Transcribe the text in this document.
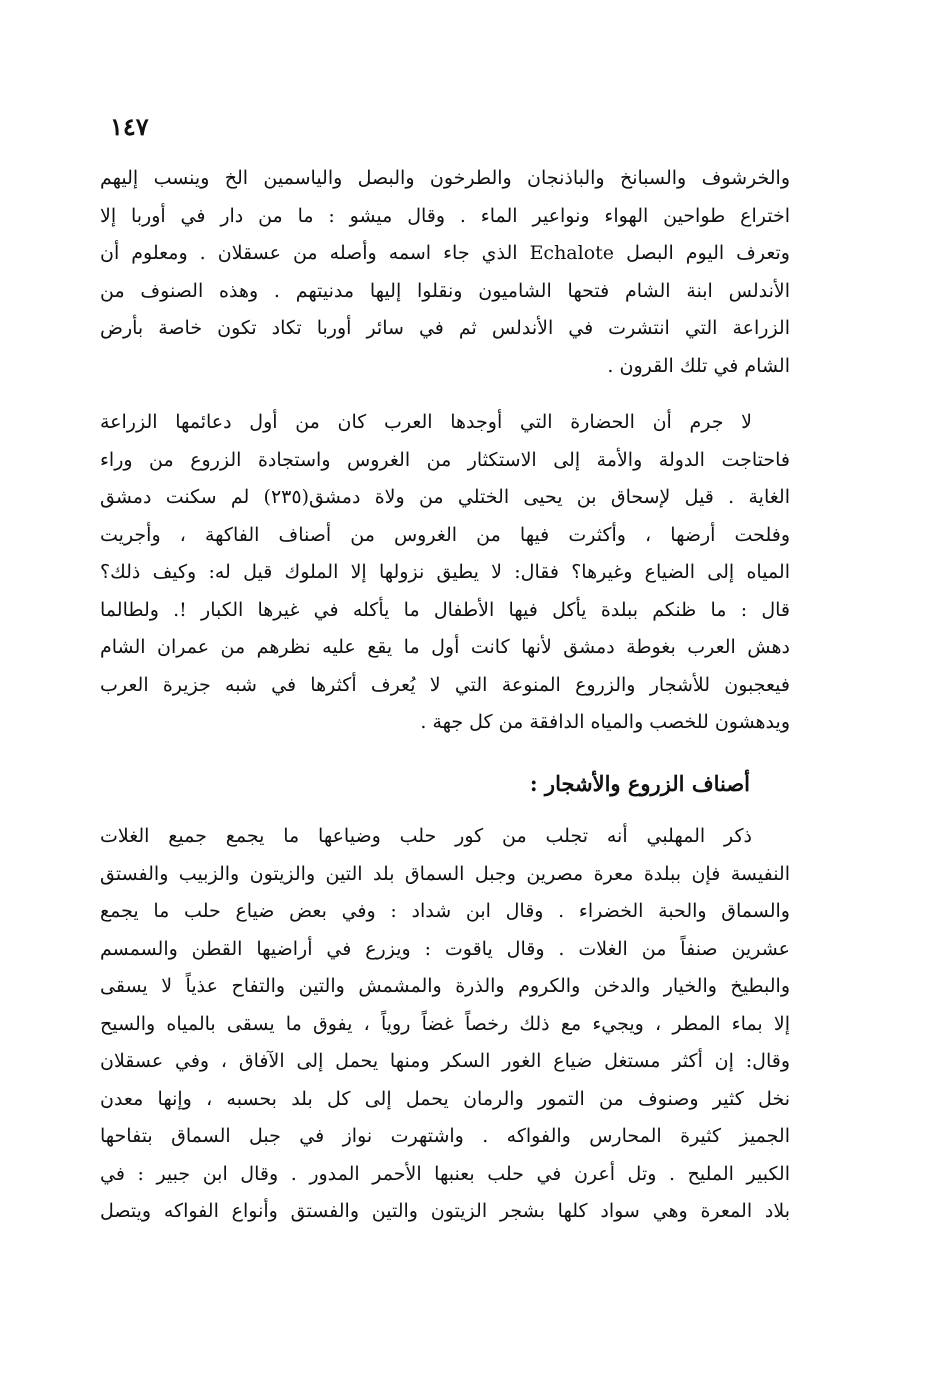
١٤٧
والخرشوف والسبانخ والباذنجان والطرخون والبصل والياسمين الخ وينسب إليهم
اختراع طواحين الهواء ونواعير الماء . وقال ميشو : ما من دار في أوربا إلا
وتعرف اليوم البصل Echalote الذي جاء اسمه وأصله من عسقلان . ومعلوم أن
الأندلس ابنة الشام فتحها الشاميون ونقلوا إليها مدنيتهم . وهذه الصنوف من
الزراعة التي انتشرت في الأندلس ثم في سائر أوربا تكاد تكون خاصة بأرض
الشام في تلك القرون .
لا جرم أن الحضارة التي أوجدها العرب كان من أول دعائمها الزراعة
فاحتاجت الدولة والأمة إلى الاستكثار من الغروس واستجادة الزروع من وراء
الغاية . قيل لإسحاق بن يحيى الختلي من ولاة دمشق(٢٣٥) لم سكنت دمشق
وفلحت أرضها ، وأكثرت فيها من الغروس من أصناف الفاكهة ، وأجريت
المياه إلى الضياع وغيرها؟ فقال: لا يطيق نزولها إلا الملوك قيل له: وكيف ذلك؟
قال : ما ظنكم ببلدة يأكل فيها الأطفال ما يأكله في غيرها الكبار !. ولطالما
دهش العرب بغوطة دمشق لأنها كانت أول ما يقع عليه نظرهم من عمران الشام
فيعجبون للأشجار والزروع المنوعة التي لا يُعرف أكثرها في شبه جزيرة العرب
ويدهشون للخصب والمياه الدافقة من كل جهة .
أصناف الزروع والأشجار :
ذكر المهلبي أنه تجلب من كور حلب وضياعها ما يجمع جميع الغلات
النفيسة فإن ببلدة معرة مصرين وجبل السماق بلد التين والزيتون والزبيب والفستق
والسماق والحبة الخضراء . وقال ابن شداد : وفي بعض ضياع حلب ما يجمع
عشرين صنفاً من الغلات . وقال ياقوت : ويزرع في أراضيها القطن والسمسم
والبطيخ والخيار والدخن والكروم والذرة والمشمش والتين والتفاح عذياً لا يسقى
إلا بماء المطر ، ويجيء مع ذلك رخصاً غضاً روياً ، يفوق ما يسقى بالمياه والسيح
وقال: إن أكثر مستغل ضياع الغور السكر ومنها يحمل إلى الآفاق ، وفي عسقلان
نخل كثير وصنوف من التمور والرمان يحمل إلى كل بلد بحسبه ، وإنها معدن
الجميز كثيرة المحارس والفواكه . واشتهرت نواز في جبل السماق بتفاحها
الكبير المليح . وتل أعرن في حلب بعنبها الأحمر المدور . وقال ابن جبير : في
بلاد المعرة وهي سواد كلها بشجر الزيتون والتين والفستق وأنواع الفواكه ويتصل
